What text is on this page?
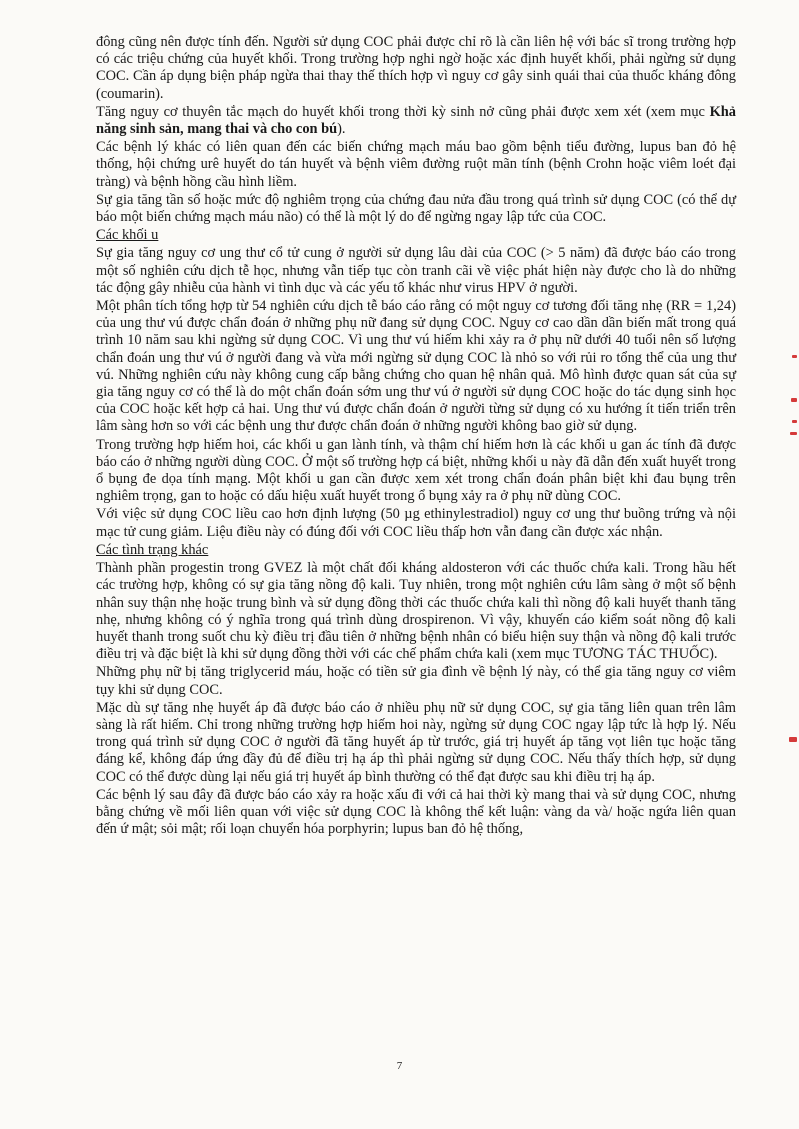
đông cũng nên được tính đến. Người sử dụng COC phải được chỉ rõ là cần liên hệ với bác sĩ trong trường hợp có các triệu chứng của huyết khối. Trong trường hợp nghi ngờ hoặc xác định huyết khối, phải ngừng sử dụng COC. Cần áp dụng biện pháp ngừa thai thay thế thích hợp vì nguy cơ gây sinh quái thai của thuốc kháng đông (coumarin).

Tăng nguy cơ thuyên tắc mạch do huyết khối trong thời kỳ sinh nở cũng phải được xem xét (xem mục Khả năng sinh sản, mang thai và cho con bú).

Các bệnh lý khác có liên quan đến các biến chứng mạch máu bao gồm bệnh tiểu đường, lupus ban đỏ hệ thống, hội chứng urê huyết do tán huyết và bệnh viêm đường ruột mãn tính (bệnh Crohn hoặc viêm loét đại tràng) và bệnh hồng cầu hình liềm.

Sự gia tăng tần số hoặc mức độ nghiêm trọng của chứng đau nửa đầu trong quá trình sử dụng COC (có thể dự báo một biến chứng mạch máu não) có thể là một lý do để ngừng ngay lập tức của COC.

Các khối u

Sự gia tăng nguy cơ ung thư cổ tử cung ở người sử dụng lâu dài của COC (> 5 năm) đã được báo cáo trong một số nghiên cứu dịch tễ học, nhưng vẫn tiếp tục còn tranh cãi về việc phát hiện này được cho là do những tác động gây nhiễu của hành vi tình dục và các yếu tố khác như virus HPV ở người.

Một phân tích tổng hợp từ 54 nghiên cứu dịch tễ báo cáo rằng có một nguy cơ tương đối tăng nhẹ (RR = 1,24) của ung thư vú được chẩn đoán ở những phụ nữ đang sử dụng COC. Nguy cơ cao dần dần biến mất trong quá trình 10 năm sau khi ngừng sử dụng COC. Vì ung thư vú hiếm khi xảy ra ở phụ nữ dưới 40 tuổi nên số lượng chẩn đoán ung thư vú ở người đang và vừa mới ngừng sử dụng COC là nhỏ so với rủi ro tổng thể của ung thư vú. Những nghiên cứu này không cung cấp bằng chứng cho quan hệ nhân quả. Mô hình được quan sát của sự gia tăng nguy cơ có thể là do một chẩn đoán sớm ung thư vú ở người sử dụng COC hoặc do tác dụng sinh học của COC hoặc kết hợp cả hai. Ung thư vú được chẩn đoán ở người từng sử dụng có xu hướng ít tiến triển trên lâm sàng hơn so với các bệnh ung thư được chẩn đoán ở những người không bao giờ sử dụng.

Trong trường hợp hiếm hoi, các khối u gan lành tính, và thậm chí hiếm hơn là các khối u gan ác tính đã được báo cáo ở những người dùng COC. Ở một số trường hợp cá biệt, những khối u này đã dẫn đến xuất huyết trong ổ bụng đe dọa tính mạng. Một khối u gan cần được xem xét trong chẩn đoán phân biệt khi đau bụng trên nghiêm trọng, gan to hoặc có dấu hiệu xuất huyết trong ổ bụng xảy ra ở phụ nữ dùng COC.

Với việc sử dụng COC liều cao hơn định lượng (50 µg ethinylestradiol) nguy cơ ung thư buồng trứng và nội mạc tử cung giảm. Liệu điều này có đúng đối với COC liều thấp hơn vẫn đang cần được xác nhận.

Các tình trạng khác

Thành phần progestin trong GVEZ là một chất đối kháng aldosteron với các thuốc chứa kali. Trong hầu hết các trường hợp, không có sự gia tăng nồng độ kali. Tuy nhiên, trong một nghiên cứu lâm sàng ở một số bệnh nhân suy thận nhẹ hoặc trung bình và sử dụng đồng thời các thuốc chứa kali thì nồng độ kali huyết thanh tăng nhẹ, nhưng không có ý nghĩa trong quá trình dùng drospirenon. Vì vậy, khuyến cáo kiểm soát nồng độ kali huyết thanh trong suốt chu kỳ điều trị đầu tiên ở những bệnh nhân có biểu hiện suy thận và nồng độ kali trước điều trị và đặc biệt là khi sử dụng đồng thời với các chế phẩm chứa kali (xem mục TƯƠNG TÁC THUỐC).

Những phụ nữ bị tăng triglycerid máu, hoặc có tiền sử gia đình về bệnh lý này, có thể gia tăng nguy cơ viêm tụy khi sử dụng COC.

Mặc dù sự tăng nhẹ huyết áp đã được báo cáo ở nhiều phụ nữ sử dụng COC, sự gia tăng liên quan trên lâm sàng là rất hiếm. Chỉ trong những trường hợp hiếm hoi này, ngừng sử dụng COC ngay lập tức là hợp lý. Nếu trong quá trình sử dụng COC ở người đã tăng huyết áp từ trước, giá trị huyết áp tăng vọt liên tục hoặc tăng đáng kể, không đáp ứng đầy đủ để điều trị hạ áp thì phải ngừng sử dụng COC. Nếu thấy thích hợp, sử dụng COC có thể được dùng lại nếu giá trị huyết áp bình thường có thể đạt được sau khi điều trị hạ áp.

Các bệnh lý sau đây đã được báo cáo xảy ra hoặc xấu đi với cả hai thời kỳ mang thai và sử dụng COC, nhưng bằng chứng về mối liên quan với việc sử dụng COC là không thể kết luận: vàng da và/ hoặc ngứa liên quan đến ứ mật; sỏi mật; rối loạn chuyển hóa porphyrin; lupus ban đỏ hệ thống,

7
